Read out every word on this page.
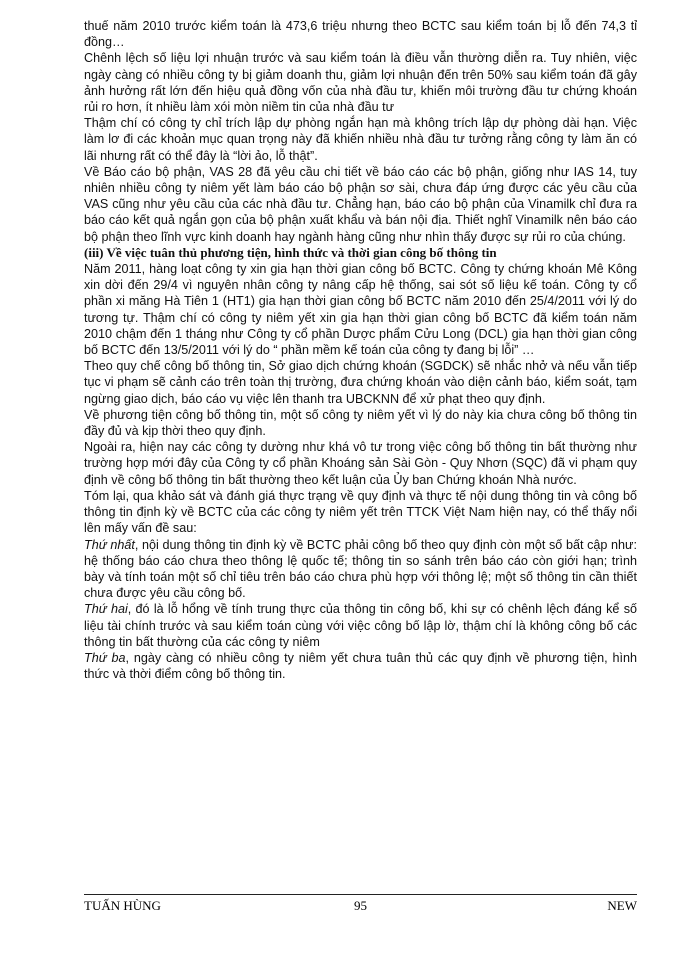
thuế năm 2010 trước kiểm toán là 473,6 triệu nhưng theo BCTC sau kiểm toán bị lỗ đến 74,3 tỉ đồng…

Chênh lệch số liệu lợi nhuận trước và sau kiểm toán là điều vẫn thường diễn ra. Tuy nhiên, việc ngày càng có nhiều công ty bị giảm doanh thu, giảm lợi nhuận đến trên 50% sau kiểm toán đã gây ảnh hưởng rất lớn đến hiệu quả đồng vốn của nhà đầu tư, khiến môi trường đầu tư chứng khoán rủi ro hơn, ít nhiều làm xói mòn niềm tin của nhà đầu tư

Thậm chí có công ty chỉ trích lập dự phòng ngắn hạn mà không trích lập dự phòng dài hạn. Việc làm lơ đi các khoản mục quan trọng này đã khiến nhiều nhà đầu tư tưởng rằng công ty làm ăn có lãi nhưng rất có thể đây là “lời ảo, lỗ thật”.

Về Báo cáo bộ phận, VAS 28 đã yêu cầu chi tiết về báo cáo các bộ phận, giống như IAS 14, tuy nhiên nhiều công ty niêm yết làm báo cáo bộ phận sơ sài, chưa đáp ứng được các yêu cầu của VAS cũng như yêu cầu của các nhà đầu tư. Chẳng hạn, báo cáo bộ phận của Vinamilk chỉ đưa ra báo cáo kết quả ngắn gọn của bộ phận xuất khẩu và bán nội địa. Thiết nghĩ Vinamilk nên báo cáo bộ phận theo lĩnh vực kinh doanh hay ngành hàng cũng như nhìn thấy được sự rủi ro của chúng.

(iii) Về việc tuân thủ phương tiện, hình thức và thời gian công bố thông tin

Năm 2011, hàng loạt công ty xin gia hạn thời gian công bố BCTC. Công ty chứng khoán Mê Kông xin dời đến 29/4 vì nguyên nhân công ty nâng cấp hệ thống, sai sót số liệu kế toán. Công ty cổ phần xi măng Hà Tiên 1 (HT1) gia hạn thời gian công bố BCTC năm 2010 đến 25/4/2011 với lý do tương tự. Thậm chí có công ty niêm yết xin gia hạn thời gian công bố BCTC đã kiểm toán năm 2010 chậm đến 1 tháng như Công ty cổ phần Dược phẩm Cửu Long (DCL) gia hạn thời gian công bố BCTC đến 13/5/2011 với lý do “ phần mềm kế toán của công ty đang bị lỗi” …

Theo quy chế công bố thông tin, Sở giao dịch chứng khoán (SGDCK) sẽ nhắc nhở và nếu vẫn tiếp tục vi phạm sẽ cảnh cáo trên toàn thị trường, đưa chứng khoán vào diện cảnh báo, kiểm soát, tạm ngừng giao dịch, báo cáo vụ việc lên thanh tra UBCKNN để xử phạt theo quy định.

Về phương tiện công bố thông tin, một số công ty niêm yết vì lý do này kia chưa công bố thông tin đầy đủ và kịp thời theo quy định.

Ngoài ra, hiện nay các công ty dường như khá vô tư trong việc công bố thông tin bất thường như trường hợp mới đây của Công ty cổ phần Khoáng sản Sài Gòn - Quy Nhơn (SQC) đã vi phạm quy định về công bố thông tin bất thường theo kết luận của Ủy ban Chứng khoán Nhà nước.

Tóm lại, qua khảo sát và đánh giá thực trạng về quy định và thực tế nội dung thông tin và công bố thông tin định kỳ về BCTC của các công ty niêm yết trên TTCK Việt Nam hiện nay, có thể thấy nổi lên mấy vấn đề sau:

Thứ nhất, nội dung thông tin định kỳ về BCTC phải công bố theo quy định còn một số bất cập như: hệ thống báo cáo chưa theo thông lệ quốc tế; thông tin so sánh trên báo cáo còn giới hạn; trình bày và tính toán một số chỉ tiêu trên báo cáo chưa phù hợp với thông lệ; một số thông tin cần thiết chưa được yêu cầu công bố.

Thứ hai, đó là lỗ hổng về tính trung thực của thông tin công bố, khi sự có chênh lệch đáng kể số liệu tài chính trước và sau kiểm toán cùng với việc công bố lập lờ, thậm chí là không công bố các thông tin bất thường của các công ty niêm

Thứ ba, ngày càng có nhiều công ty niêm yết chưa tuân thủ các quy định về phương tiện, hình thức và thời điểm công bố thông tin.

TUẤN HÙNG	95	NEW
